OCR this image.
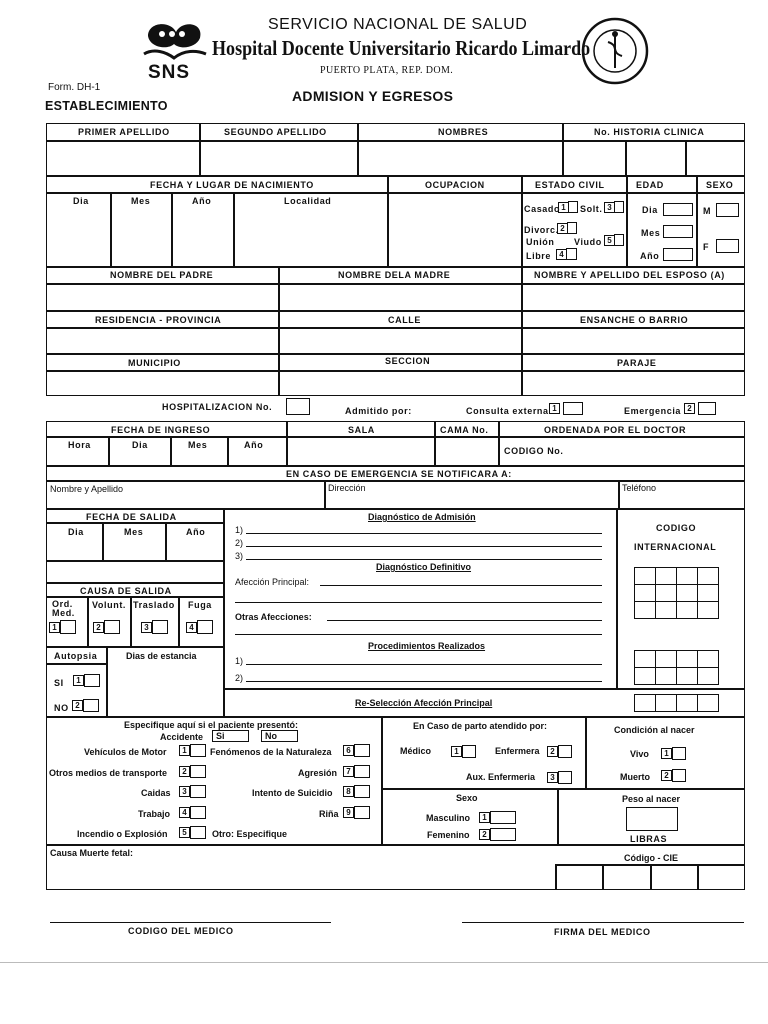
SNS
SERVICIO NACIONAL DE SALUD
Hospital Docente Universitario Ricardo Limardo
PUERTO PLATA, REP. DOM.
Form. DH-1
ESTABLECIMIENTO
ADMISION Y EGRESOS
PRIMER APELLIDO	SEGUNDO APELLIDO	NOMBRES	No. HISTORIA CLINICA
FECHA Y LUGAR DE NACIMIENTO	OCUPACION	ESTADO CIVIL	EDAD	SEXO
Dia	Mes	Año	Localidad
Casado 1	Solt. 3
Divorc. 2
Unión Viudo 5
Libre	4
Dia
Mes
Año
M
F
NOMBRE DEL PADRE	NOMBRE DELA MADRE	NOMBRE Y APELLIDO DEL ESPOSO (A)
RESIDENCIA - PROVINCIA	CALLE	ENSANCHE O BARRIO
MUNICIPIO	SECCION	PARAJE
HOSPITALIZACION No.	Admitido por:	Consulta externa 1	Emergencia 2
FECHA DE INGRESO	SALA	CAMA No.	ORDENADA POR EL DOCTOR
Hora	Dia	Mes	Año
CODIGO No.
EN CASO DE EMERGENCIA SE NOTIFICARA A:
Nombre y Apellido	Dirección	Teléfono
FECHA DE SALIDA
Dia	Mes	Año
CAUSA DE SALIDA
Ord.
Med.
1
Volunt.
2
Traslado
3
Fuga
4
Autopsia	Dias de estancia
SI	1
NO 2
Diagnóstico de Admisión
1)
2)
3)
Diagnóstico Definitivo
Afección Principal:
Otras Afecciones:
Procedimientos Realizados
1)
2)
Re-Selección Afección Principal
CODIGO
INTERNACIONAL

Especifique aquí si el paciente presentó:
Accidente	Si	No
Vehículos de Motor	1
Otros medios de transporte	2
Caidas	3
Trabajo	4
Incendio o Explosión	5
Fenómenos de la Naturaleza	6
Agresión	7
Intento de Suicidio	8
Riña 9
Otro: Especifique
En Caso de parto atendido por:
Médico	1	Enfermera	2
Aux. Enfermeria	3
Condición al nacer
Vivo	1
Muerto	2
Sexo
Masculino	1
Femenino	2
Peso al nacer
LIBRAS
Causa Muerte fetal:	Código - CIE
CODIGO DEL MEDICO	FIRMA DEL MEDICO
